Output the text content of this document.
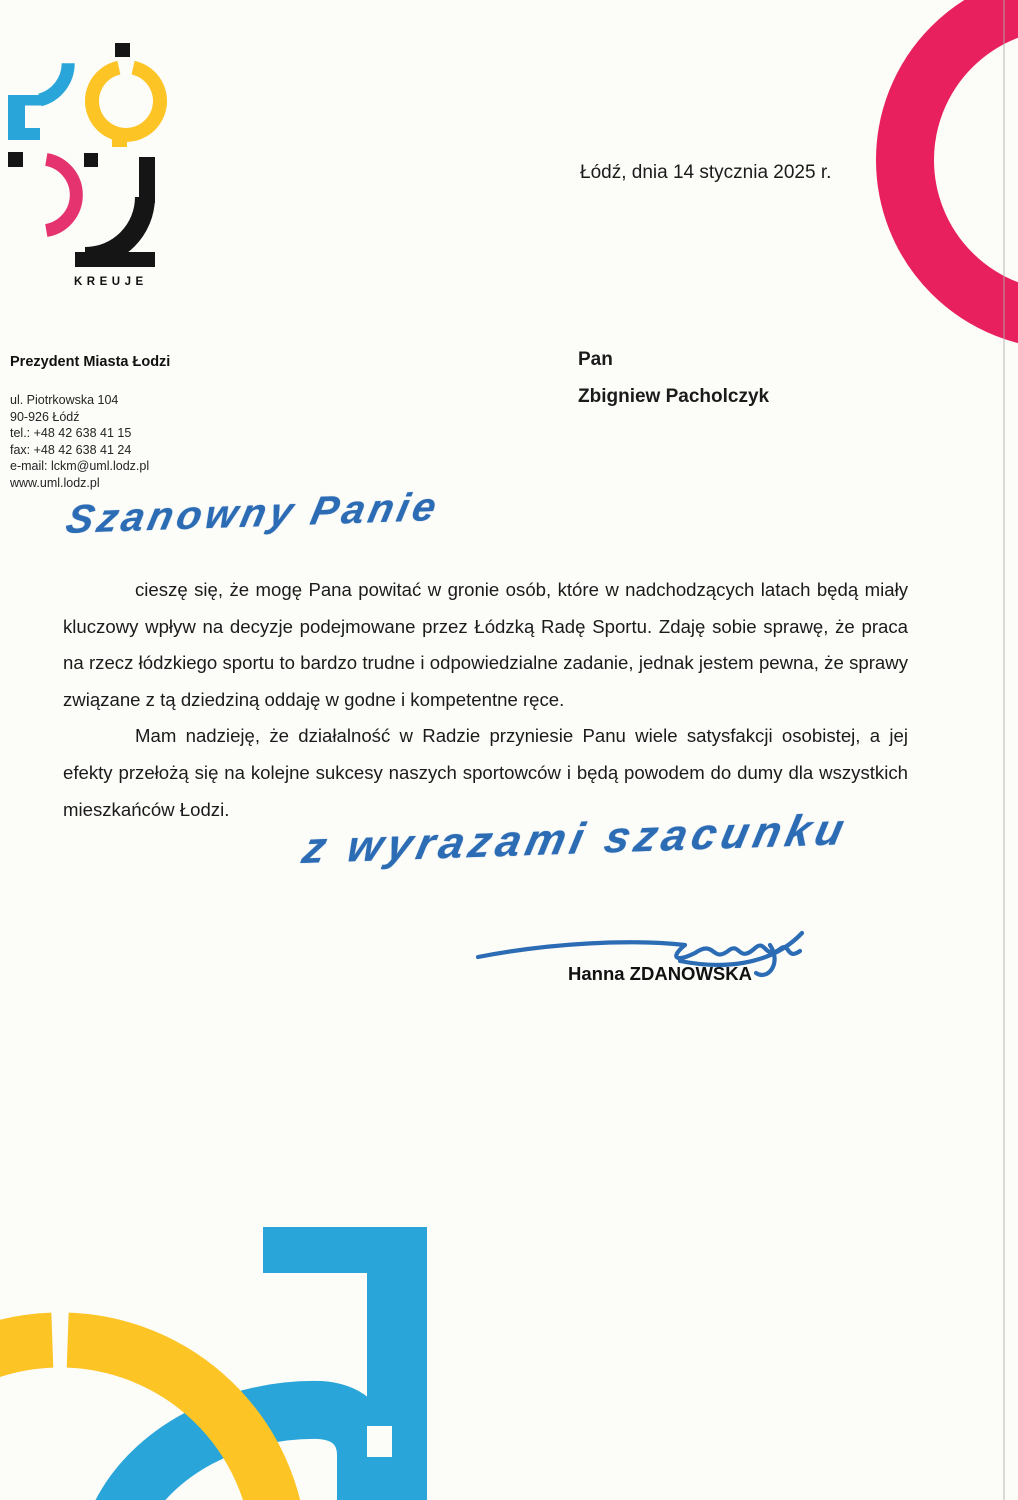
KREUJE
Łódź, dnia 14 stycznia 2025 r.
Prezydent Miasta Łodzi
ul. Piotrkowska 104
90-926 Łódź
tel.: +48 42 638 41 15
fax: +48 42 638 41 24
e-mail: lckm@uml.lodz.pl
www.uml.lodz.pl
Pan
Zbigniew Pacholczyk
Szanowny Panie

cieszę się, że mogę Pana powitać w gronie osób, które w nadchodzących latach będą miały kluczowy wpływ na decyzje podejmowane przez Łódzką Radę Sportu. Zdaję sobie sprawę, że praca na rzecz łódzkiego sportu to bardzo trudne i odpowiedzialne zadanie, jednak jestem pewna, że sprawy związane z tą dziedziną oddaję w godne i kompetentne ręce.

Mam nadzieję, że działalność w Radzie przyniesie Panu wiele satysfakcji osobistej, a jej efekty przełożą się na kolejne sukcesy naszych sportowców i będą powodem do dumy dla wszystkich mieszkańców Łodzi.	z wyrazami szacunku
Hanna ZDANOWSKA
